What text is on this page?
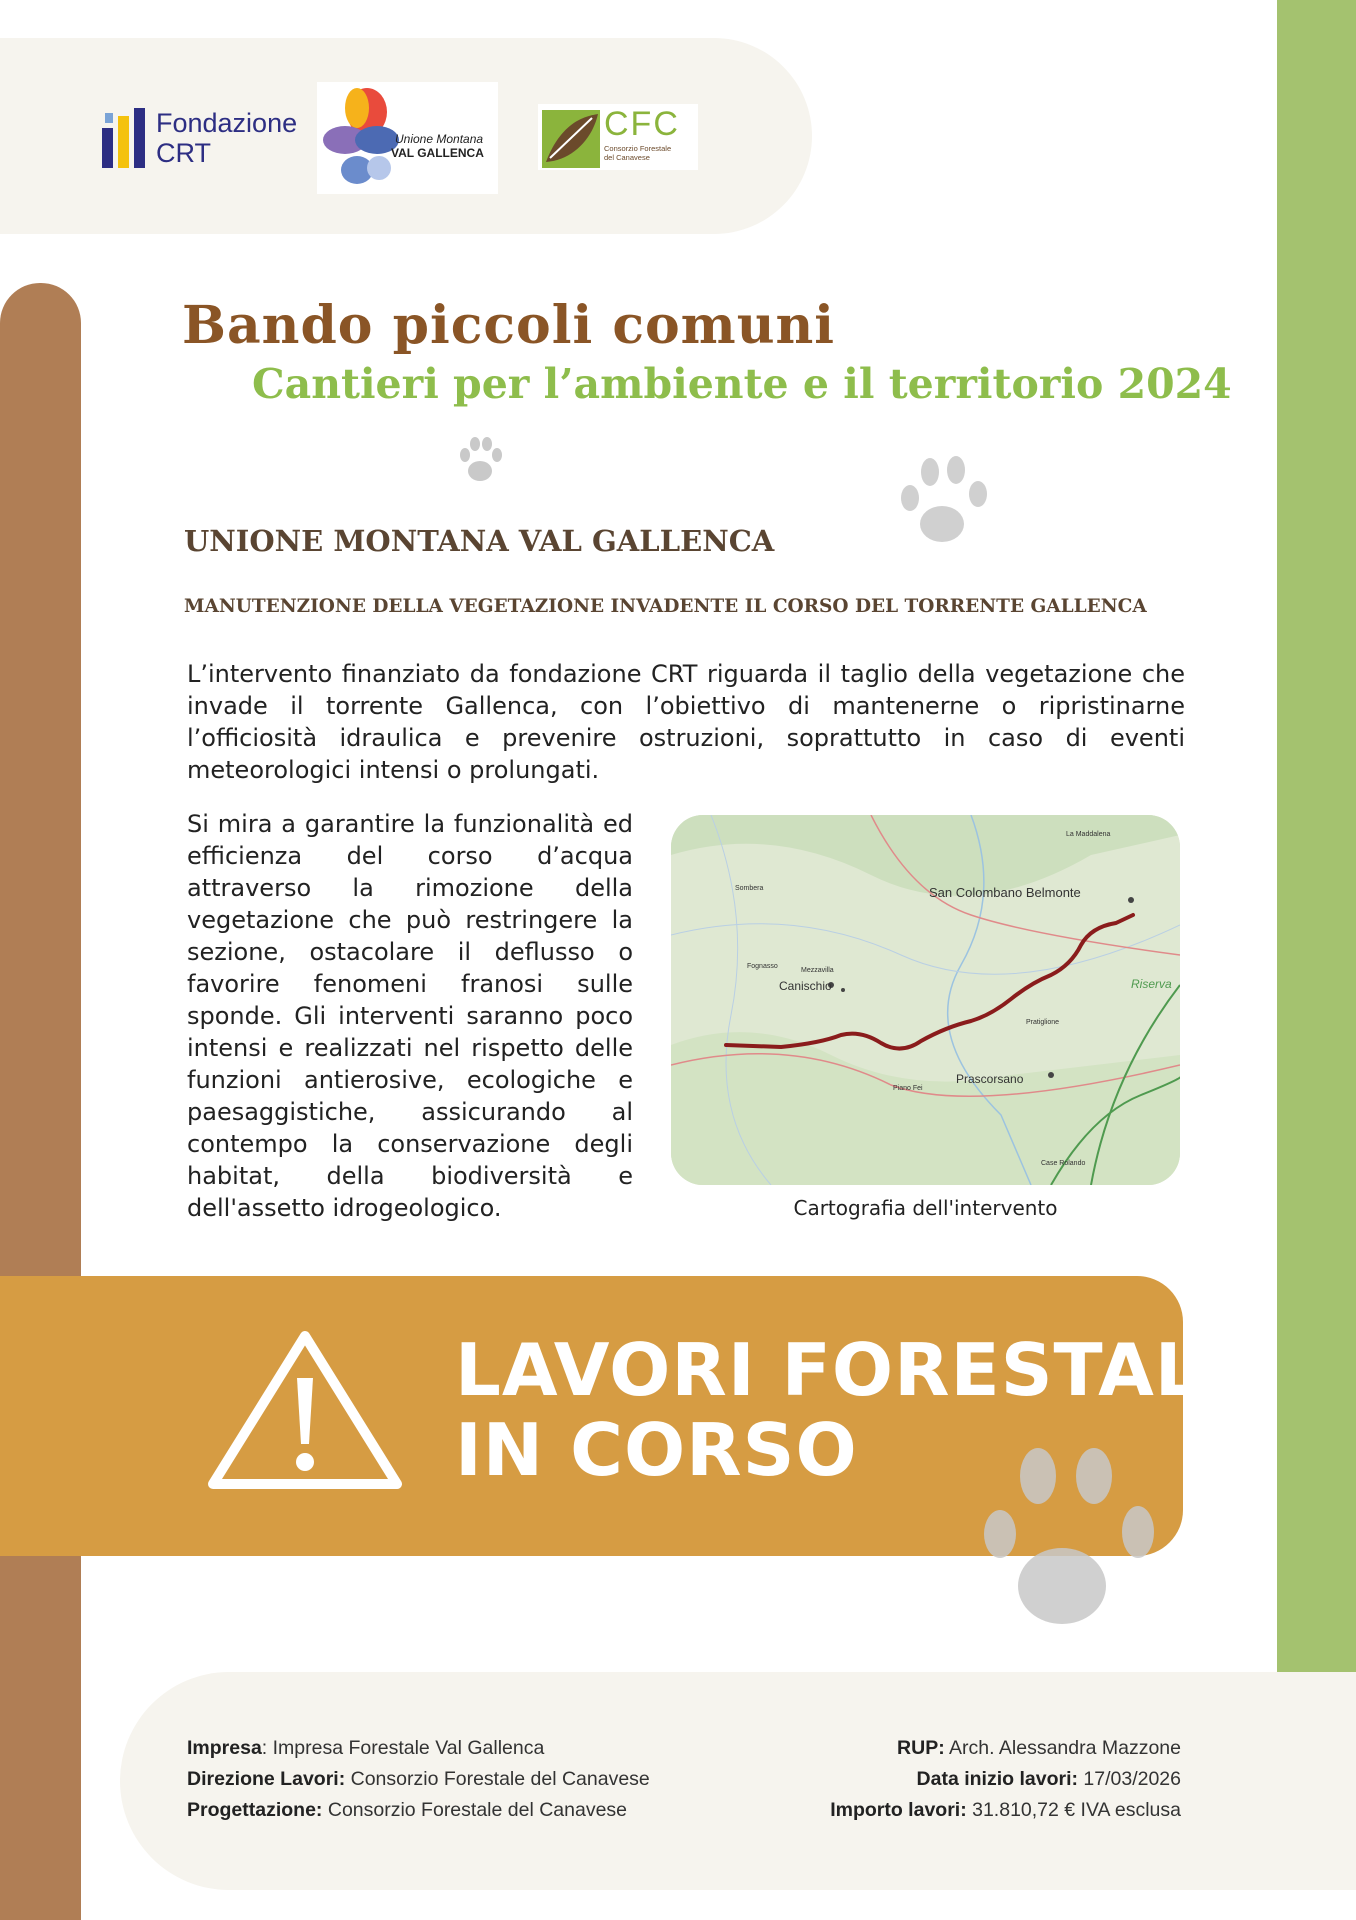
Fondazione
CRT	Unione Montana
VAL GALLENCA
CFC
Consorzio Forestale
del Canavese
Bando piccoli comuni
Cantieri per l’ambiente e il territorio 2024
UNIONE MONTANA VAL GALLENCA
MANUTENZIONE DELLA VEGETAZIONE INVADENTE IL CORSO DEL TORRENTE GALLENCA
L’intervento finanziato da fondazione CRT riguarda il taglio della vegetazione che invade il torrente Gallenca, con l’obiettivo di mantenerne o ripristinarne l’officiosità idraulica e prevenire ostruzioni, soprattutto in caso di eventi meteorologici intensi o prolungati.
Si mira a garantire la funzionalità ed efficienza del corso d’acqua attraverso la rimozione della vegetazione che può restringere la sezione, ostacolare il deflusso o favorire fenomeni franosi sulle sponde. Gli interventi saranno poco intensi e realizzati nel rispetto delle funzioni antierosive, ecologiche e paesaggistiche, assicurando al contempo la conservazione degli habitat, della biodiversità e dell'assetto idrogeologico.
San Colombano Belmonte
Canischio
Prascorsano
Riserva
La Maddalena
Sombera
Fognasso
Mezzavilla
Pratiglione
Case Rolando
Piano Fei
Cartografia dell'intervento
LAVORI FORESTALI
IN CORSO
Impresa: Impresa Forestale Val Gallenca
Direzione Lavori: Consorzio Forestale del Canavese
Progettazione: Consorzio Forestale del Canavese
RUP: Arch. Alessandra Mazzone
Data inizio lavori: 17/03/2026
Importo lavori: 31.810,72 € IVA esclusa
